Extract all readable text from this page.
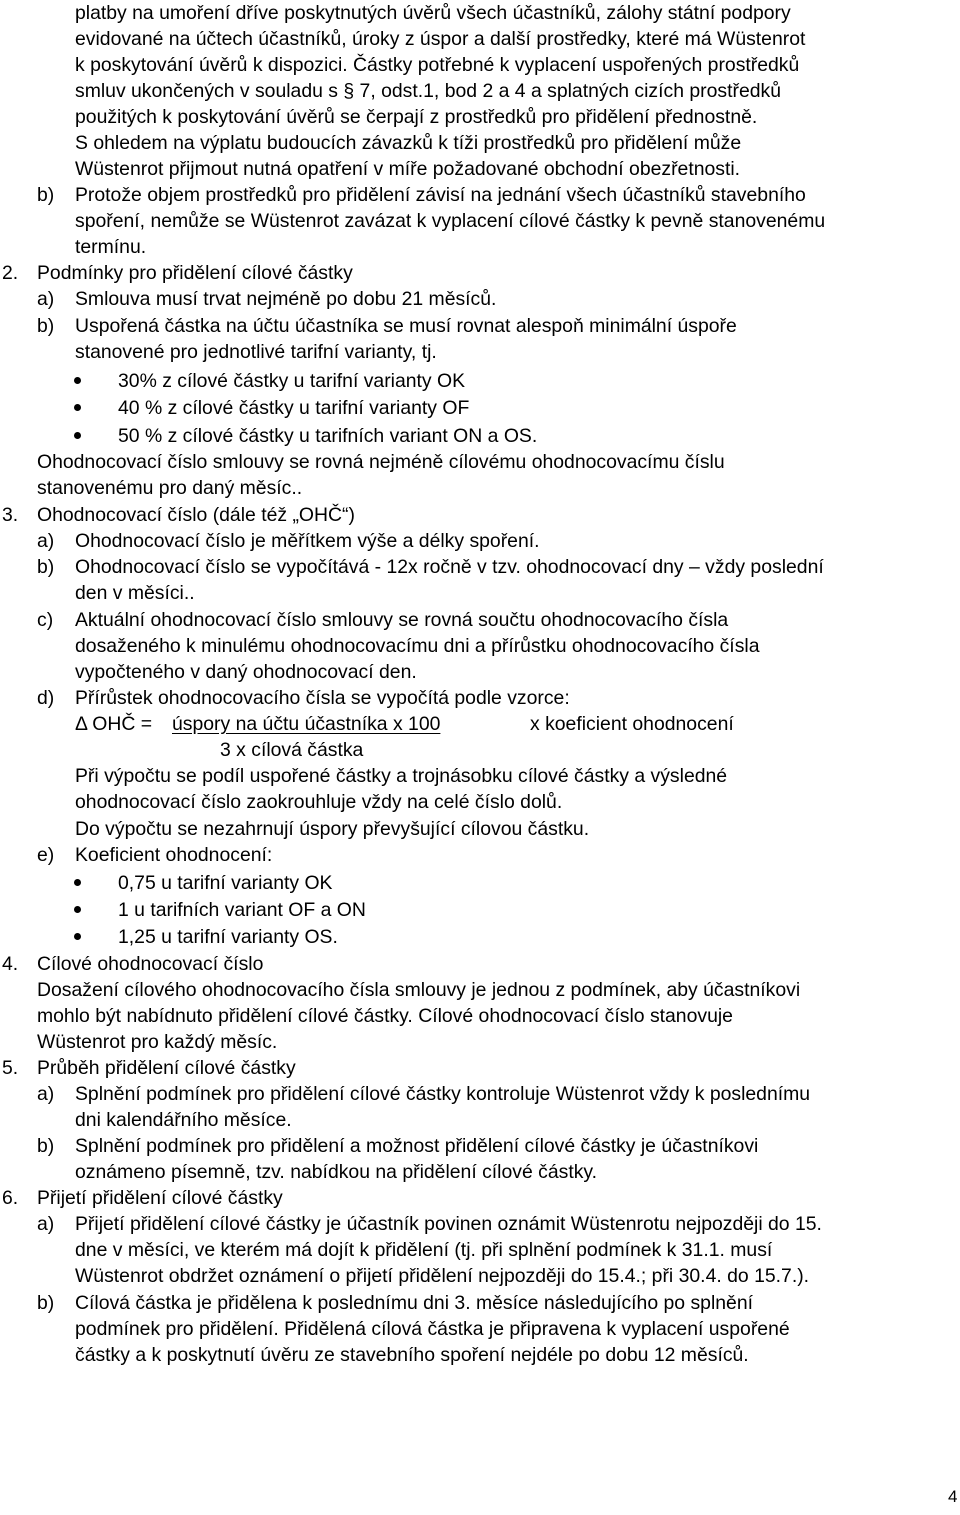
platby na umoření dříve poskytnutých úvěrů všech účastníků, zálohy státní podpory
evidované na účtech účastníků, úroky z úspor a další prostředky, které má Wüstenrot
k poskytování úvěrů k dispozici. Částky potřebné k vyplacení uspořených prostředků
smluv ukončených v souladu s § 7, odst.1, bod 2 a 4 a splatných cizích prostředků
použitých k poskytování úvěrů se čerpají z prostředků pro přidělení přednostně.
S ohledem na výplatu budoucích závazků k tíži prostředků pro přidělení může
Wüstenrot přijmout nutná opatření v míře požadované obchodní obezřetnosti.
b) Protože objem prostředků pro přidělení závisí na jednání všech účastníků stavebního
spoření, nemůže se Wüstenrot zavázat k vyplacení cílové částky k pevně stanovenému
termínu.
2. Podmínky pro přidělení cílové částky
a) Smlouva musí trvat nejméně po dobu 21 měsíců.
b) Uspořená částka na účtu účastníka se musí rovnat alespoň minimální úspoře
stanovené pro jednotlivé tarifní varianty, tj.
30% z cílové částky u tarifní varianty OK
40 % z cílové částky u tarifní varianty OF
50 % z cílové částky u tarifních variant ON a OS.
Ohodnocovací číslo smlouvy se rovná nejméně cílovému ohodnocovacímu číslu
stanovenému pro daný měsíc..
3. Ohodnocovací číslo (dále též „OHČ“)
a) Ohodnocovací číslo je měřítkem výše a délky spoření.
b) Ohodnocovací číslo se vypočítává - 12x ročně v tzv. ohodnocovací dny – vždy poslední
den v měsíci..
c) Aktuální ohodnocovací číslo smlouvy se rovná součtu ohodnocovacího čísla
dosaženého k minulému ohodnocovacímu dni a přírůstku ohodnocovacího čísla
vypočteného v daný ohodnocovací den.
d) Přírůstek ohodnocovacího čísla se vypočítá podle vzorce:
Δ OHČ = úspory na účtu účastníka x 100	x koeficient ohodnocení
3 x cílová částka
Při výpočtu se podíl uspořené částky a trojnásobku cílové částky a výsledné
ohodnocovací číslo zaokrouhluje vždy na celé číslo dolů.
Do výpočtu se nezahrnují úspory převyšující cílovou částku.
e) Koeficient ohodnocení:
0,75 u tarifní varianty OK
1 u tarifních variant OF a ON
1,25 u tarifní varianty OS.
4. Cílové ohodnocovací číslo
Dosažení cílového ohodnocovacího čísla smlouvy je jednou z podmínek, aby účastníkovi
mohlo být nabídnuto přidělení cílové částky. Cílové ohodnocovací číslo stanovuje
Wüstenrot pro každý měsíc.
5. Průběh přidělení cílové částky
a) Splnění podmínek pro přidělení cílové částky kontroluje Wüstenrot vždy k poslednímu
dni kalendářního měsíce.
b) Splnění podmínek pro přidělení a možnost přidělení cílové částky je účastníkovi
oznámeno písemně, tzv. nabídkou na přidělení cílové částky.
6. Přijetí přidělení cílové částky
a) Přijetí přidělení cílové částky je účastník povinen oznámit Wüstenrotu nejpozději do 15.
dne v měsíci, ve kterém má dojít k přidělení (tj. při splnění podmínek k 31.1. musí
Wüstenrot obdržet oznámení o přijetí přidělení nejpozději do 15.4.; při 30.4. do 15.7.).
b) Cílová částka je přidělena k poslednímu dni 3. měsíce následujícího po splnění
podmínek pro přidělení. Přidělená cílová částka je připravena k vyplacení uspořené
částky a k poskytnutí úvěru ze stavebního spoření nejdéle po dobu 12 měsíců.
4
